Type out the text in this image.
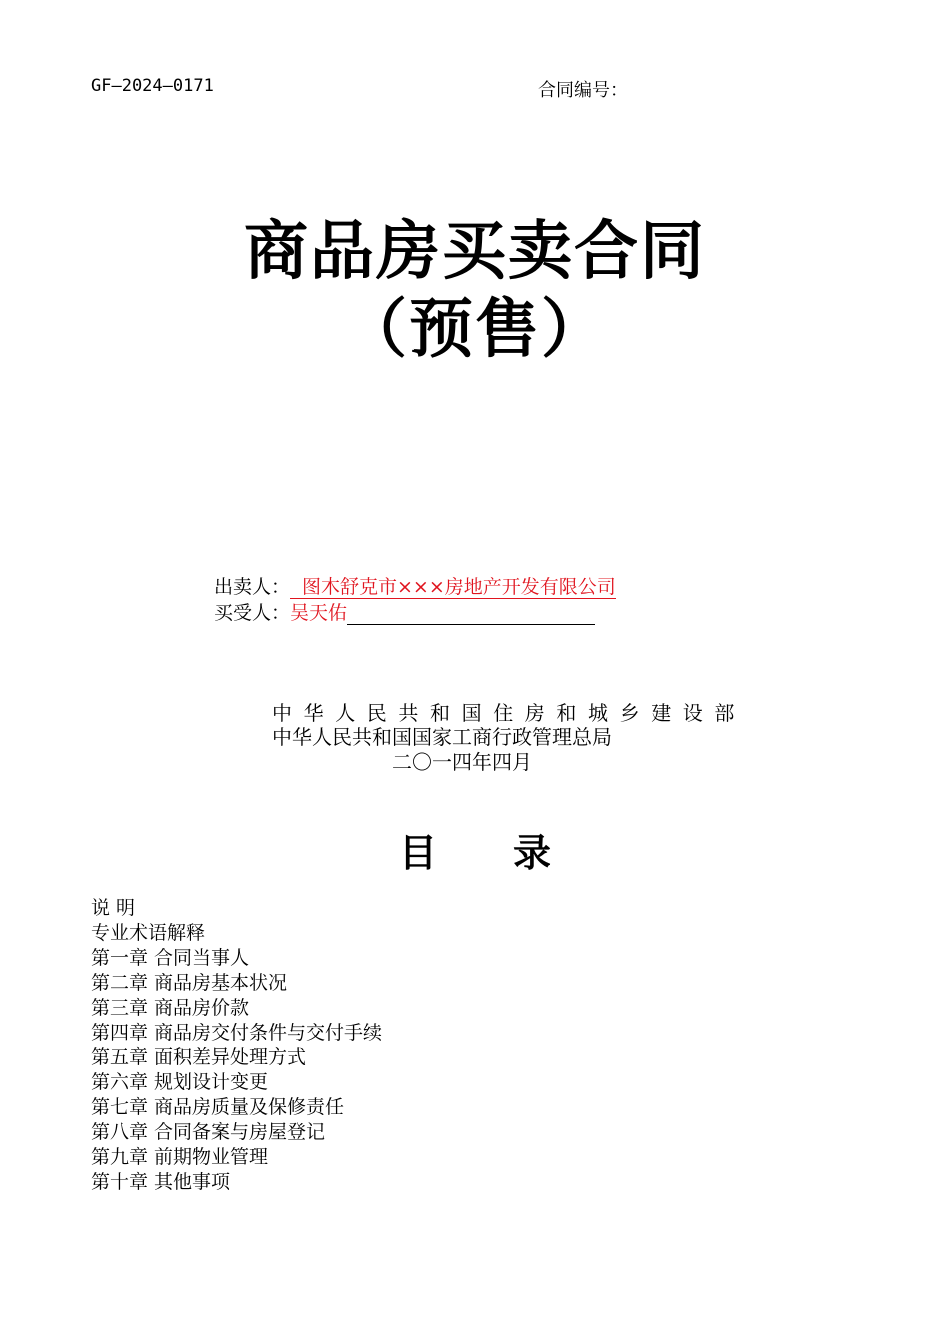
GF—2024—0171	合同编号：
商品房买卖合同
（预售）
出卖人： 图木舒克市×××房地产开发有限公司
买受人：吴天佑
中华人民共和国住房和城乡建设部
中华人民共和国国家工商行政管理总局
二〇一四年四月
目 录
说 明
专业术语解释
第一章 合同当事人
第二章 商品房基本状况
第三章 商品房价款
第四章 商品房交付条件与交付手续
第五章 面积差异处理方式
第六章 规划设计变更
第七章 商品房质量及保修责任
第八章 合同备案与房屋登记
第九章 前期物业管理
第十章 其他事项
